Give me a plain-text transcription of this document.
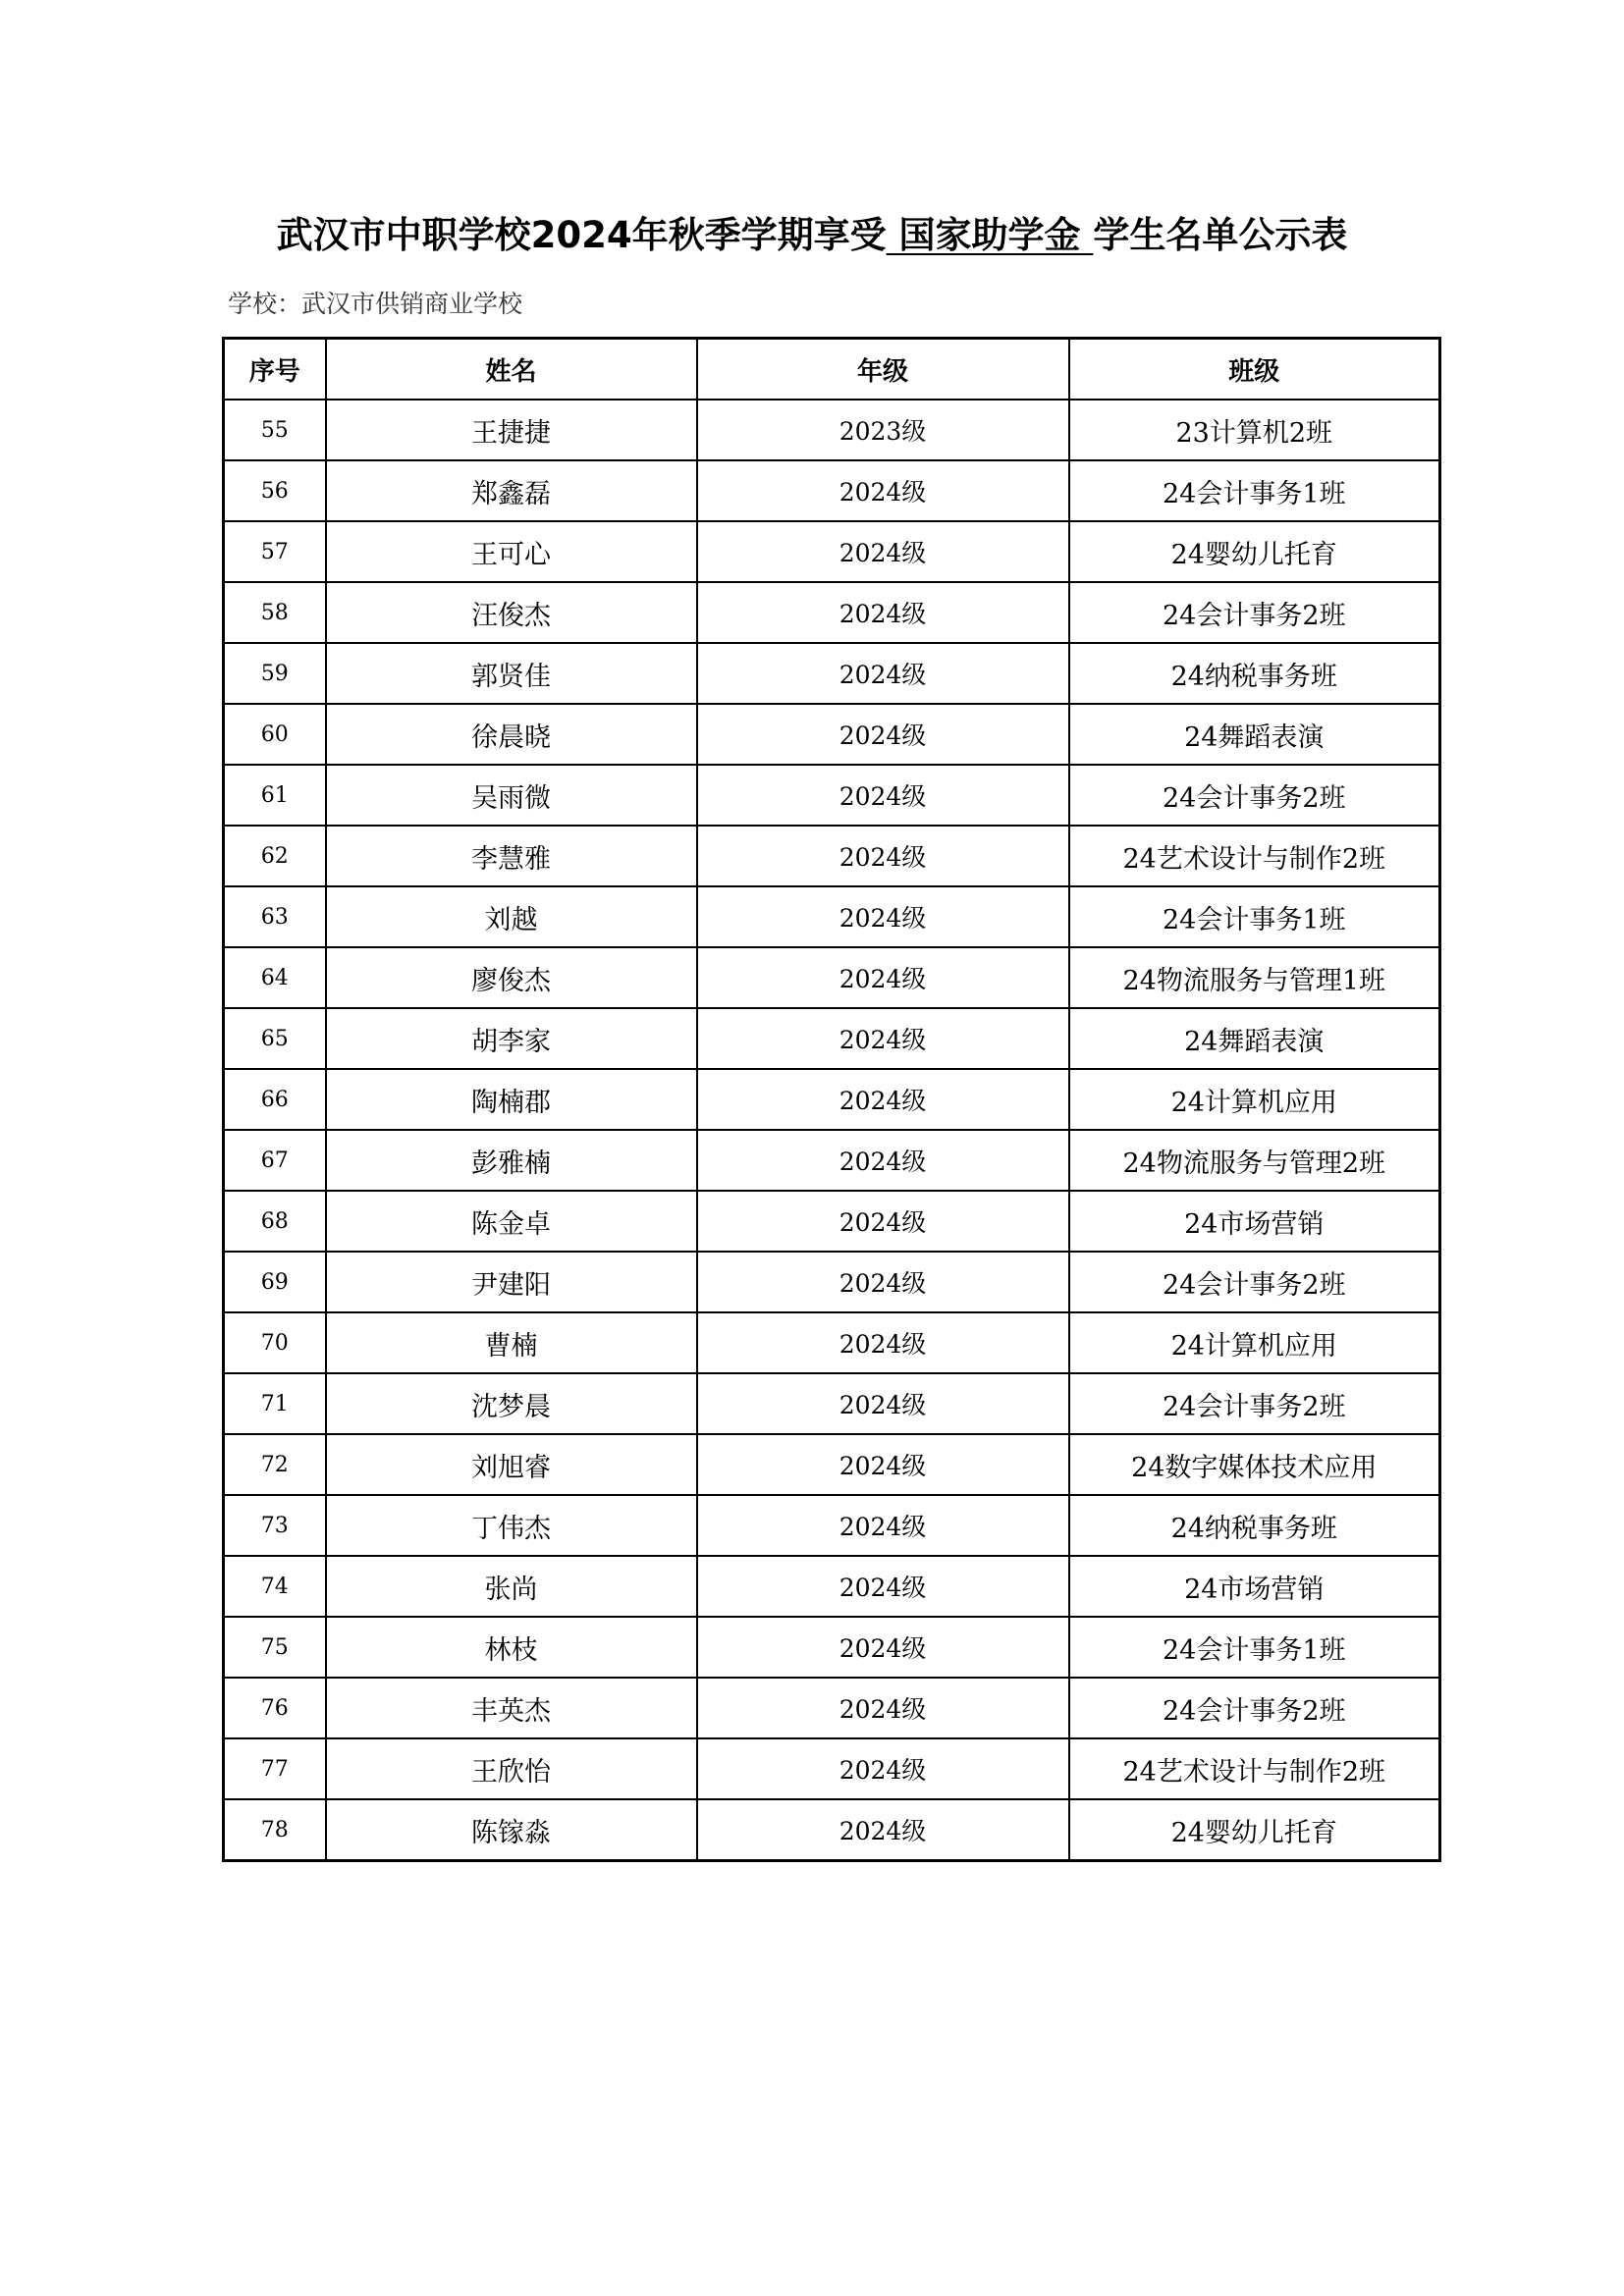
武汉市中职学校2024年秋季学期享受 国家助学金 学生名单公示表
学校：武汉市供销商业学校
序号	姓名	年级	班级
55	王捷捷	2023级	23计算机2班
56	郑鑫磊	2024级	24会计事务1班
57	王可心	2024级	24婴幼儿托育
58	汪俊杰	2024级	24会计事务2班
59	郭贤佳	2024级	24纳税事务班
60	徐晨晓	2024级	24舞蹈表演
61	吴雨微	2024级	24会计事务2班
62	李慧雅	2024级	24艺术设计与制作2班
63	刘越	2024级	24会计事务1班
64	廖俊杰	2024级	24物流服务与管理1班
65	胡李家	2024级	24舞蹈表演
66	陶楠郡	2024级	24计算机应用
67	彭雅楠	2024级	24物流服务与管理2班
68	陈金卓	2024级	24市场营销
69	尹建阳	2024级	24会计事务2班
70	曹楠	2024级	24计算机应用
71	沈梦晨	2024级	24会计事务2班
72	刘旭睿	2024级	24数字媒体技术应用
73	丁伟杰	2024级	24纳税事务班
74	张尚	2024级	24市场营销
75	林枝	2024级	24会计事务1班
76	丰英杰	2024级	24会计事务2班
77	王欣怡	2024级	24艺术设计与制作2班
78	陈镓淼	2024级	24婴幼儿托育
